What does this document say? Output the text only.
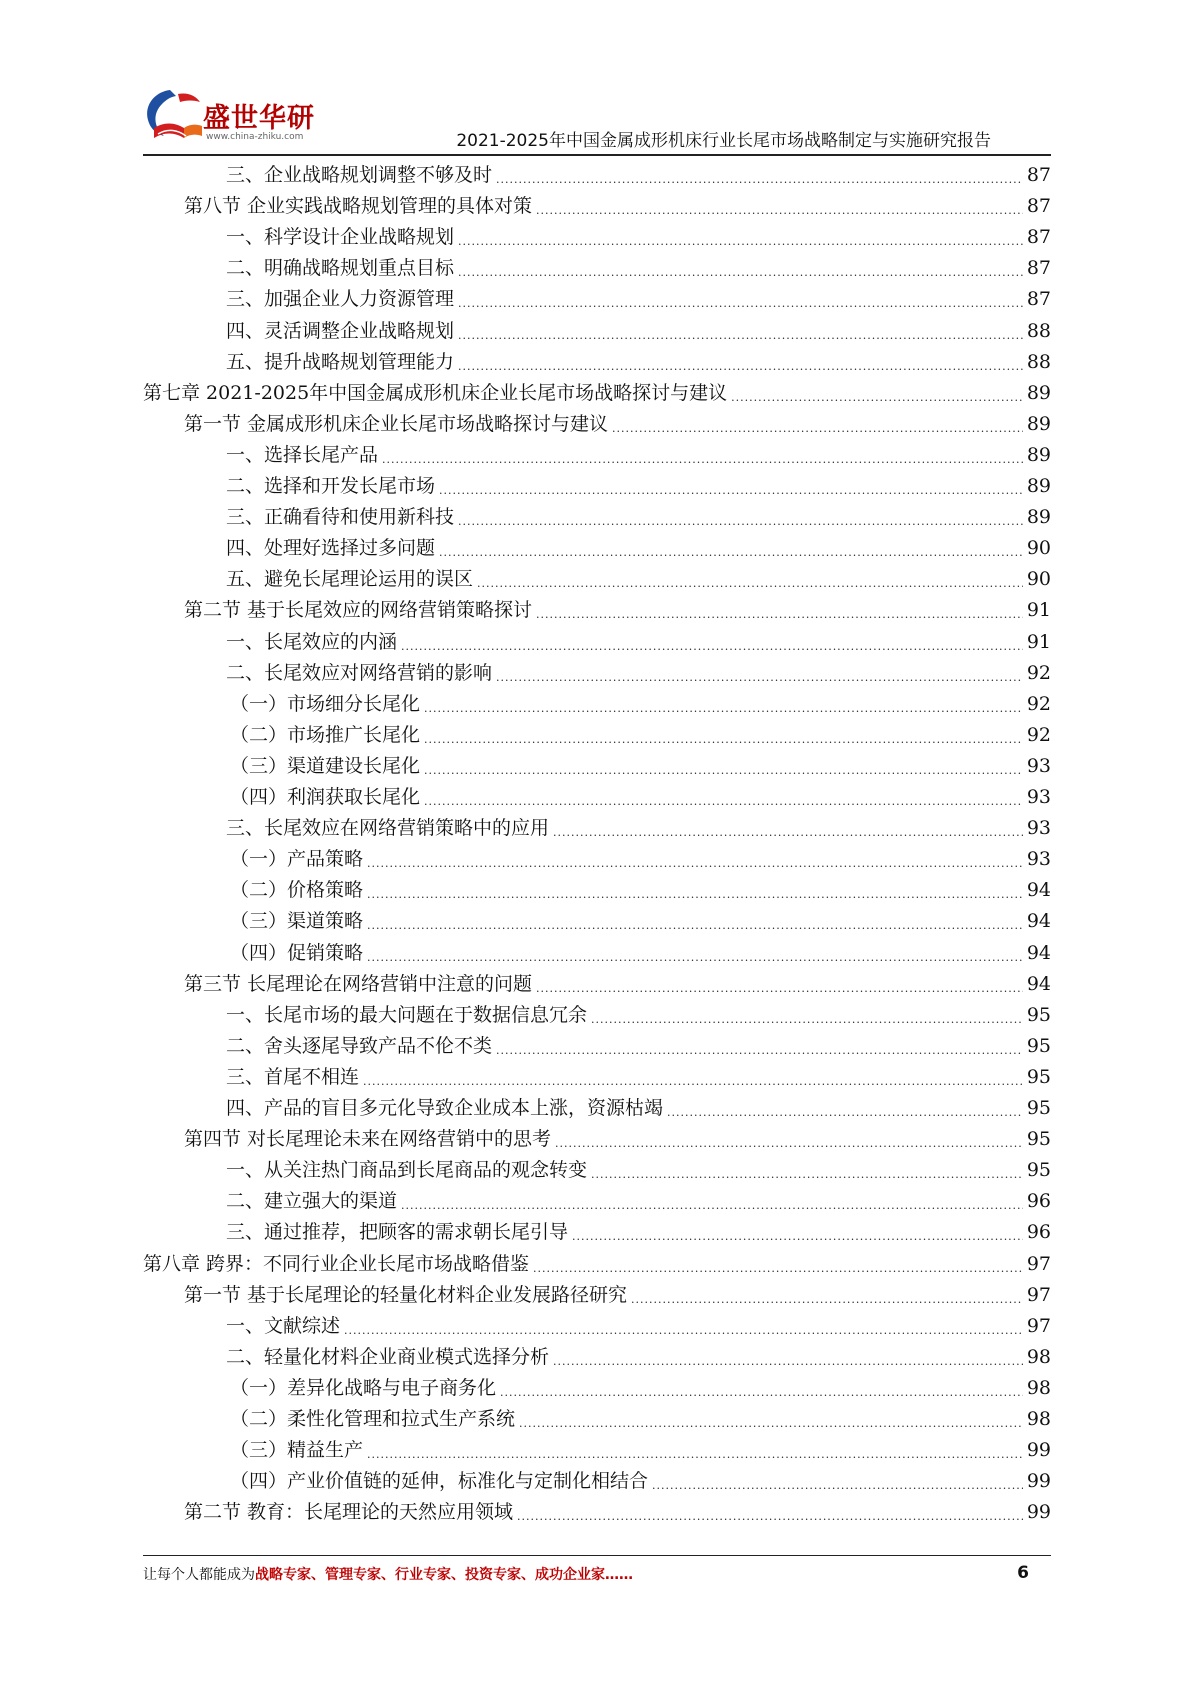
盛世华研
www.china-zhiku.com	2021-2025年中国金属成形机床行业长尾市场战略制定与实施研究报告
三、企业战略规划调整不够及时 .....	87
第八节 企业实践战略规划管理的具体对策 .....	87
一、科学设计企业战略规划 .....	87
二、明确战略规划重点目标 .....	87
三、加强企业人力资源管理 .....	87
四、灵活调整企业战略规划 .....	88
五、提升战略规划管理能力 .....	88
第七章 2021-2025年中国金属成形机床企业长尾市场战略探讨与建议 .....	89
第一节 金属成形机床企业长尾市场战略探讨与建议 .....	89
一、选择长尾产品 .....	89
二、选择和开发长尾市场 .....	89
三、正确看待和使用新科技 .....	89
四、处理好选择过多问题 .....	90
五、避免长尾理论运用的误区 .....	90
第二节 基于长尾效应的网络营销策略探讨 .....	91
一、长尾效应的内涵 .....	91
二、长尾效应对网络营销的影响 .....	92
（一）市场细分长尾化 .....	92
（二）市场推广长尾化 .....	92
（三）渠道建设长尾化 .....	93
（四）利润获取长尾化 .....	93
三、长尾效应在网络营销策略中的应用 .....	93
（一）产品策略 .....	93
（二）价格策略 .....	94
（三）渠道策略 .....	94
（四）促销策略 .....	94
第三节 长尾理论在网络营销中注意的问题 .....	94
一、长尾市场的最大问题在于数据信息冗余 .....	95
二、舍头逐尾导致产品不伦不类 .....	95
三、首尾不相连 .....	95
四、产品的盲目多元化导致企业成本上涨，资源枯竭 .....	95
第四节 对长尾理论未来在网络营销中的思考 .....	95
一、从关注热门商品到长尾商品的观念转变 .....	95
二、建立强大的渠道 .....	96
三、通过推荐，把顾客的需求朝长尾引导 .....	96
第八章 跨界：不同行业企业长尾市场战略借鉴 .....	97
第一节 基于长尾理论的轻量化材料企业发展路径研究 .....	97
一、文献综述 .....	97
二、轻量化材料企业商业模式选择分析 .....	98
（一）差异化战略与电子商务化 .....	98
（二）柔性化管理和拉式生产系统 .....	98
（三）精益生产 .....	99
（四）产业价值链的延伸，标准化与定制化相结合 .....	99
第二节 教育：长尾理论的天然应用领域 .....	99
让每个人都能成为战略专家、管理专家、行业专家、投资专家、成功企业家……	6
